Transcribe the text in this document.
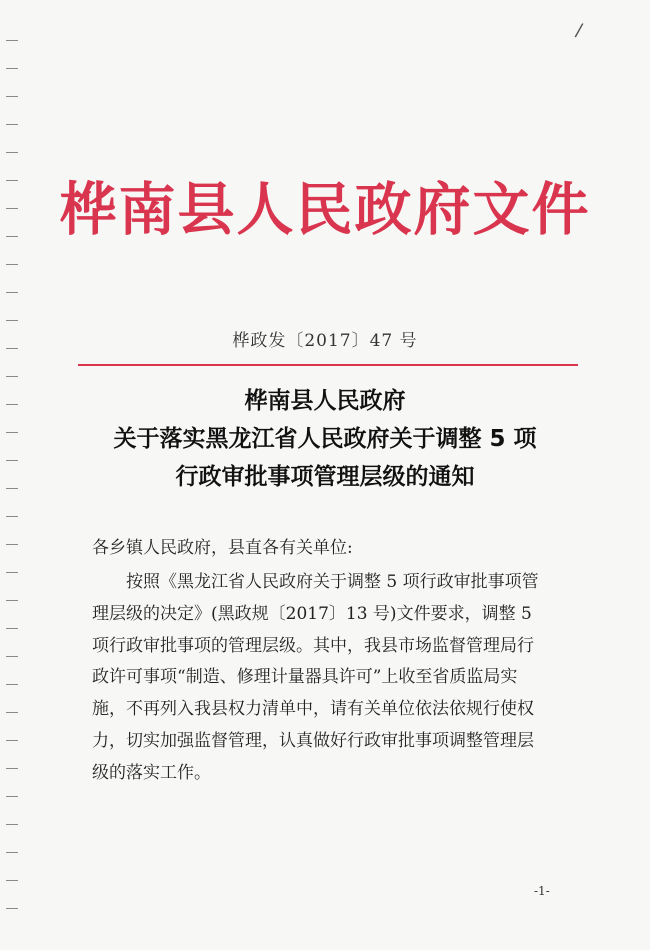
/
桦南县人民政府文件
桦政发〔2017〕47 号
桦南县人民政府
关于落实黑龙江省人民政府关于调整 5 项
行政审批事项管理层级的通知
各乡镇人民政府，县直各有关单位:
按照《黑龙江省人民政府关于调整 5 项行政审批事项管
理层级的决定》(黑政规〔2017〕13 号)文件要求，调整 5
项行政审批事项的管理层级。其中，我县市场监督管理局行
政许可事项“制造、修理计量器具许可”上收至省质监局实
施，不再列入我县权力清单中，请有关单位依法依规行使权
力，切实加强监督管理，认真做好行政审批事项调整管理层
级的落实工作。
-1-
